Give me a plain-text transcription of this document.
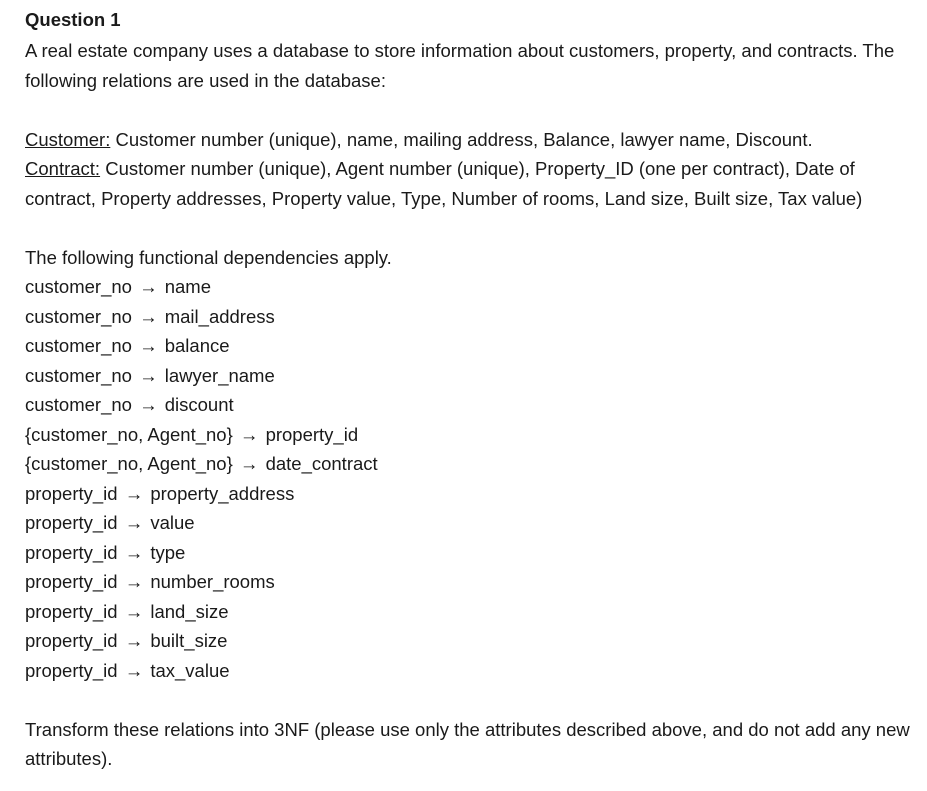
Question 1

A real estate company uses a database to store information about customers, property, and contracts. The following relations are used in the database:

Customer: Customer number (unique), name, mailing address, Balance, lawyer name, Discount.

Contract: Customer number (unique), Agent number (unique), Property_ID (one per contract), Date of contract, Property addresses, Property value, Type, Number of rooms, Land size, Built size, Tax value)

The following functional dependencies apply.

customer_no → name

customer_no → mail_address

customer_no → balance

customer_no → lawyer_name

customer_no → discount

{customer_no, Agent_no} → property_id

{customer_no, Agent_no} → date_contract

property_id → property_address

property_id → value

property_id → type

property_id → number_rooms

property_id → land_size

property_id → built_size

property_id → tax_value

Transform these relations into 3NF (please use only the attributes described above, and do not add any new attributes).
